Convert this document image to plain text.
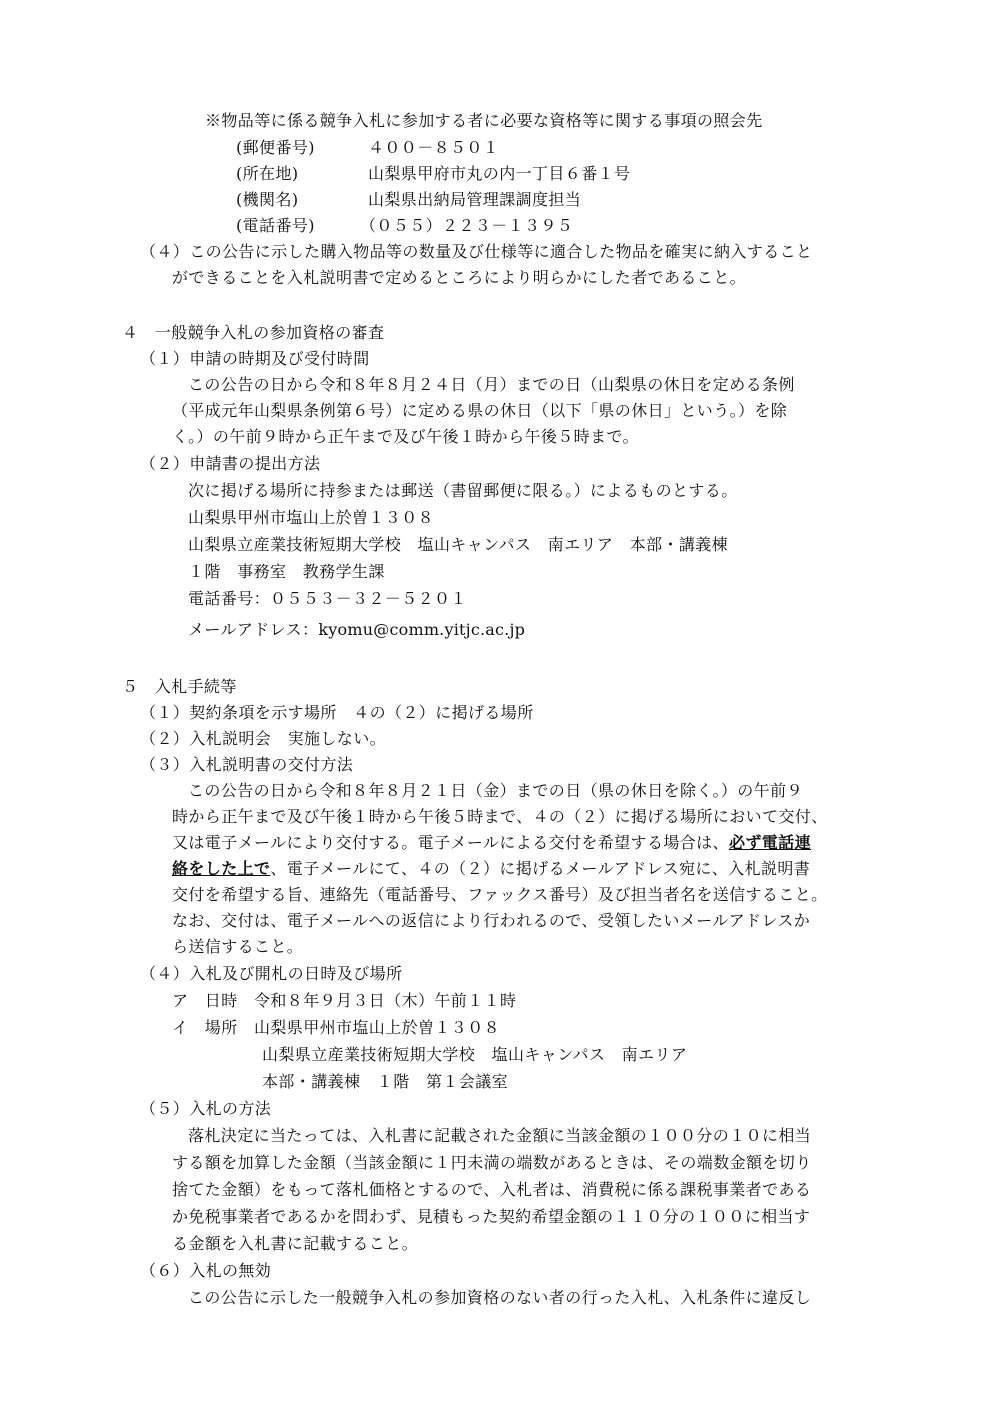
※物品等に係る競争入札に参加する者に必要な資格等に関する事項の照会先
(郵便番号)	４００－８５０１
(所在地)	山梨県甲府市丸の内一丁目６番１号
(機関名)	山梨県出納局管理課調度担当
(電話番号)	（０５５）２２３－１３９５
（４）この公告に示した購入物品等の数量及び仕様等に適合した物品を確実に納入すること
ができることを入札説明書で定めるところにより明らかにした者であること。
４　一般競争入札の参加資格の審査
（１）申請の時期及び受付時間
この公告の日から令和８年８月２４日（月）までの日（山梨県の休日を定める条例
（平成元年山梨県条例第６号）に定める県の休日（以下「県の休日」という。）を除
く。）の午前９時から正午まで及び午後１時から午後５時まで。
（２）申請書の提出方法
次に掲げる場所に持参または郵送（書留郵便に限る。）によるものとする。
山梨県甲州市塩山上於曽１３０８
山梨県立産業技術短期大学校　塩山キャンパス　南エリア　本部・講義棟
１階　事務室　教務学生課
電話番号：０５５３－３２－５２０１
メールアドレス：kyomu@comm.yitjc.ac.jp
５　入札手続等
（１）契約条項を示す場所　４の（２）に掲げる場所
（２）入札説明会　実施しない。
（３）入札説明書の交付方法
この公告の日から令和８年８月２１日（金）までの日（県の休日を除く。）の午前９
時から正午まで及び午後１時から午後５時まで、４の（２）に掲げる場所において交付、
又は電子メールにより交付する。電子メールによる交付を希望する場合は、必ず電話連
絡をした上で、電子メールにて、４の（２）に掲げるメールアドレス宛に、入札説明書
交付を希望する旨、連絡先（電話番号、ファックス番号）及び担当者名を送信すること。
なお、交付は、電子メールへの返信により行われるので、受領したいメールアドレスか
ら送信すること。
（４）入札及び開札の日時及び場所
ア　日時　令和８年９月３日（木）午前１１時
イ　場所　山梨県甲州市塩山上於曽１３０８
山梨県立産業技術短期大学校　塩山キャンパス　南エリア
本部・講義棟　１階　第１会議室
（５）入札の方法
落札決定に当たっては、入札書に記載された金額に当該金額の１００分の１０に相当
する額を加算した金額（当該金額に１円未満の端数があるときは、その端数金額を切り
捨てた金額）をもって落札価格とするので、入札者は、消費税に係る課税事業者である
か免税事業者であるかを問わず、見積もった契約希望金額の１１０分の１００に相当す
る金額を入札書に記載すること。
（６）入札の無効
この公告に示した一般競争入札の参加資格のない者の行った入札、入札条件に違反し
